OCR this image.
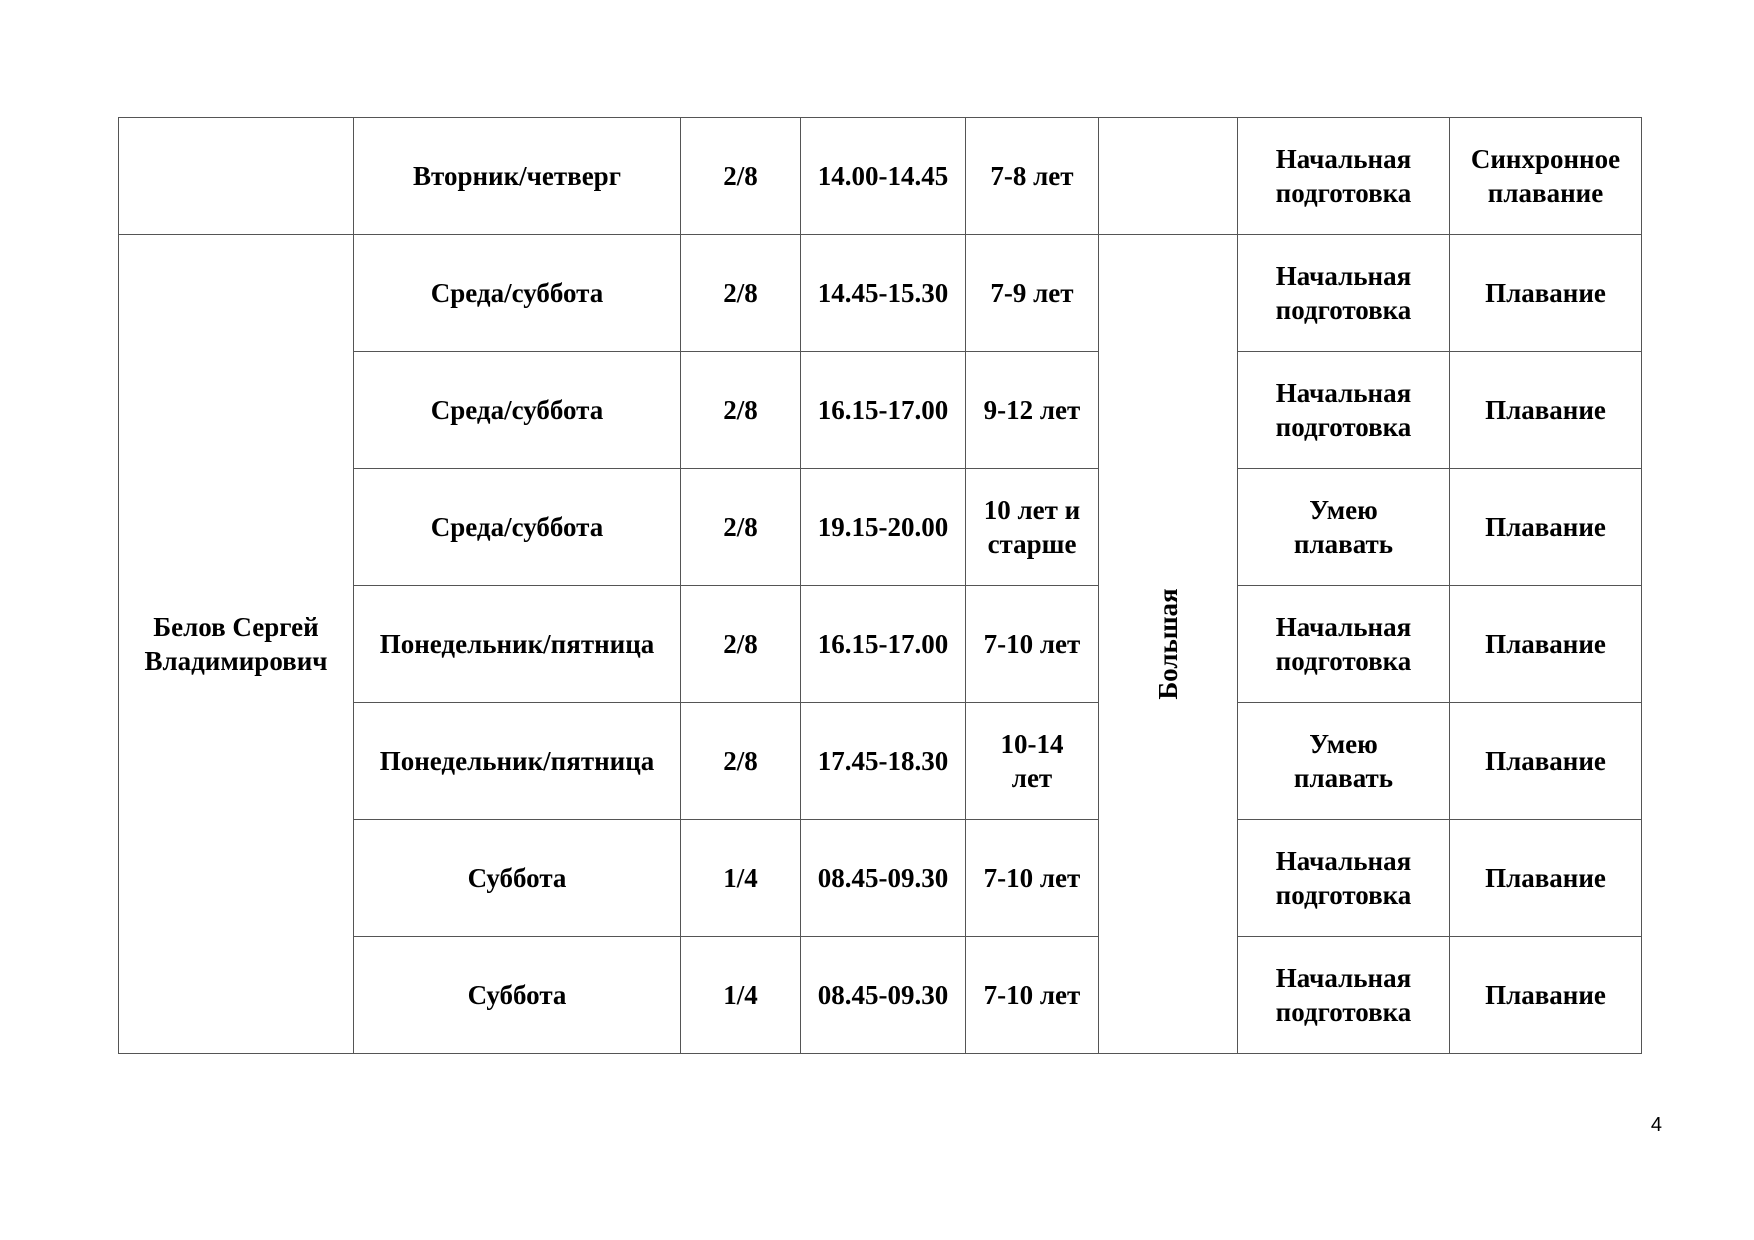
	Вторник/четверг	2/8	14.00-14.45	7-8 лет		Начальная подготовка	Синхронное плавание
Белов Сергей Владимирович	Среда/суббота	2/8	14.45-15.30	7-9 лет	Большая	Начальная подготовка	Плавание
	Среда/суббота	2/8	16.15-17.00	9-12 лет		Начальная подготовка	Плавание
	Среда/суббота	2/8	19.15-20.00	10 лет и старше		Умею плавать	Плавание
	Понедельник/пятница	2/8	16.15-17.00	7-10 лет		Начальная подготовка	Плавание
	Понедельник/пятница	2/8	17.45-18.30	10-14 лет		Умею плавать	Плавание
	Суббота	1/4	08.45-09.30	7-10 лет		Начальная подготовка	Плавание
	Суббота	1/4	08.45-09.30	7-10 лет		Начальная подготовка	Плавание
4
